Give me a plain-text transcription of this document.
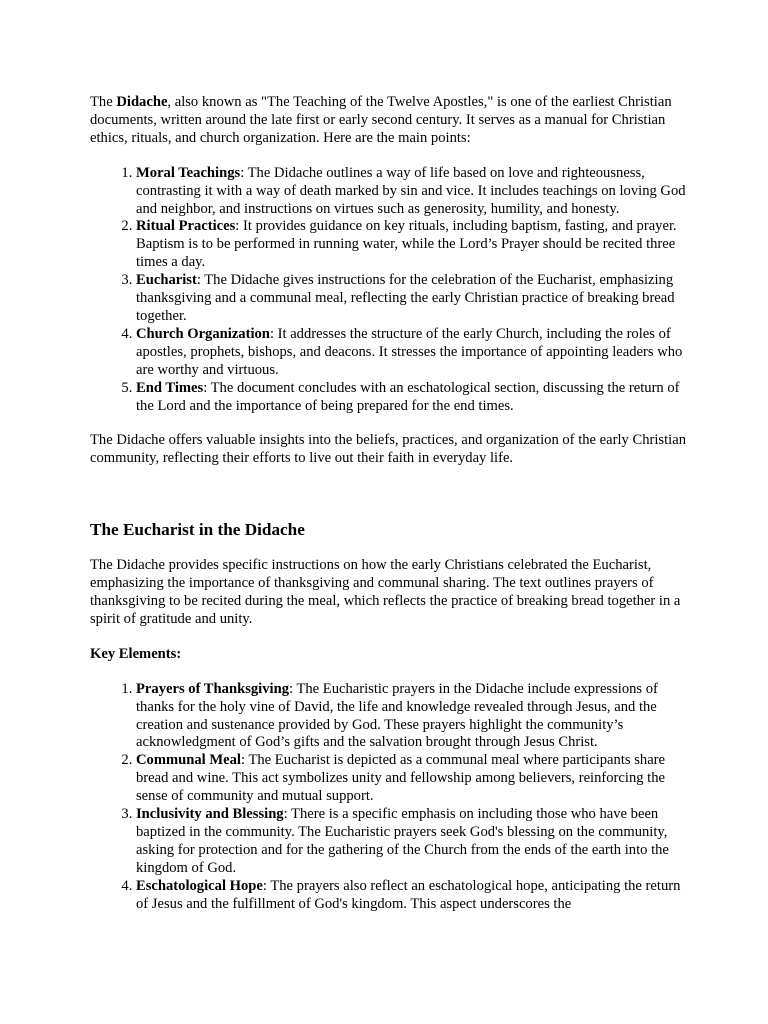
The Didache, also known as "The Teaching of the Twelve Apostles," is one of the earliest Christian documents, written around the late first or early second century. It serves as a manual for Christian ethics, rituals, and church organization. Here are the main points:

1. Moral Teachings: The Didache outlines a way of life based on love and righteousness, contrasting it with a way of death marked by sin and vice. It includes teachings on loving God and neighbor, and instructions on virtues such as generosity, humility, and honesty.
2. Ritual Practices: It provides guidance on key rituals, including baptism, fasting, and prayer. Baptism is to be performed in running water, while the Lord’s Prayer should be recited three times a day.
3. Eucharist: The Didache gives instructions for the celebration of the Eucharist, emphasizing thanksgiving and a communal meal, reflecting the early Christian practice of breaking bread together.
4. Church Organization: It addresses the structure of the early Church, including the roles of apostles, prophets, bishops, and deacons. It stresses the importance of appointing leaders who are worthy and virtuous.
5. End Times: The document concludes with an eschatological section, discussing the return of the Lord and the importance of being prepared for the end times.

The Didache offers valuable insights into the beliefs, practices, and organization of the early Christian community, reflecting their efforts to live out their faith in everyday life.

The Eucharist in the Didache

The Didache provides specific instructions on how the early Christians celebrated the Eucharist, emphasizing the importance of thanksgiving and communal sharing. The text outlines prayers of thanksgiving to be recited during the meal, which reflects the practice of breaking bread together in a spirit of gratitude and unity.

Key Elements:

1. Prayers of Thanksgiving: The Eucharistic prayers in the Didache include expressions of thanks for the holy vine of David, the life and knowledge revealed through Jesus, and the creation and sustenance provided by God. These prayers highlight the community’s acknowledgment of God’s gifts and the salvation brought through Jesus Christ.
2. Communal Meal: The Eucharist is depicted as a communal meal where participants share bread and wine. This act symbolizes unity and fellowship among believers, reinforcing the sense of community and mutual support.
3. Inclusivity and Blessing: There is a specific emphasis on including those who have been baptized in the community. The Eucharistic prayers seek God's blessing on the community, asking for protection and for the gathering of the Church from the ends of the earth into the kingdom of God.
4. Eschatological Hope: The prayers also reflect an eschatological hope, anticipating the return of Jesus and the fulfillment of God's kingdom. This aspect underscores the
